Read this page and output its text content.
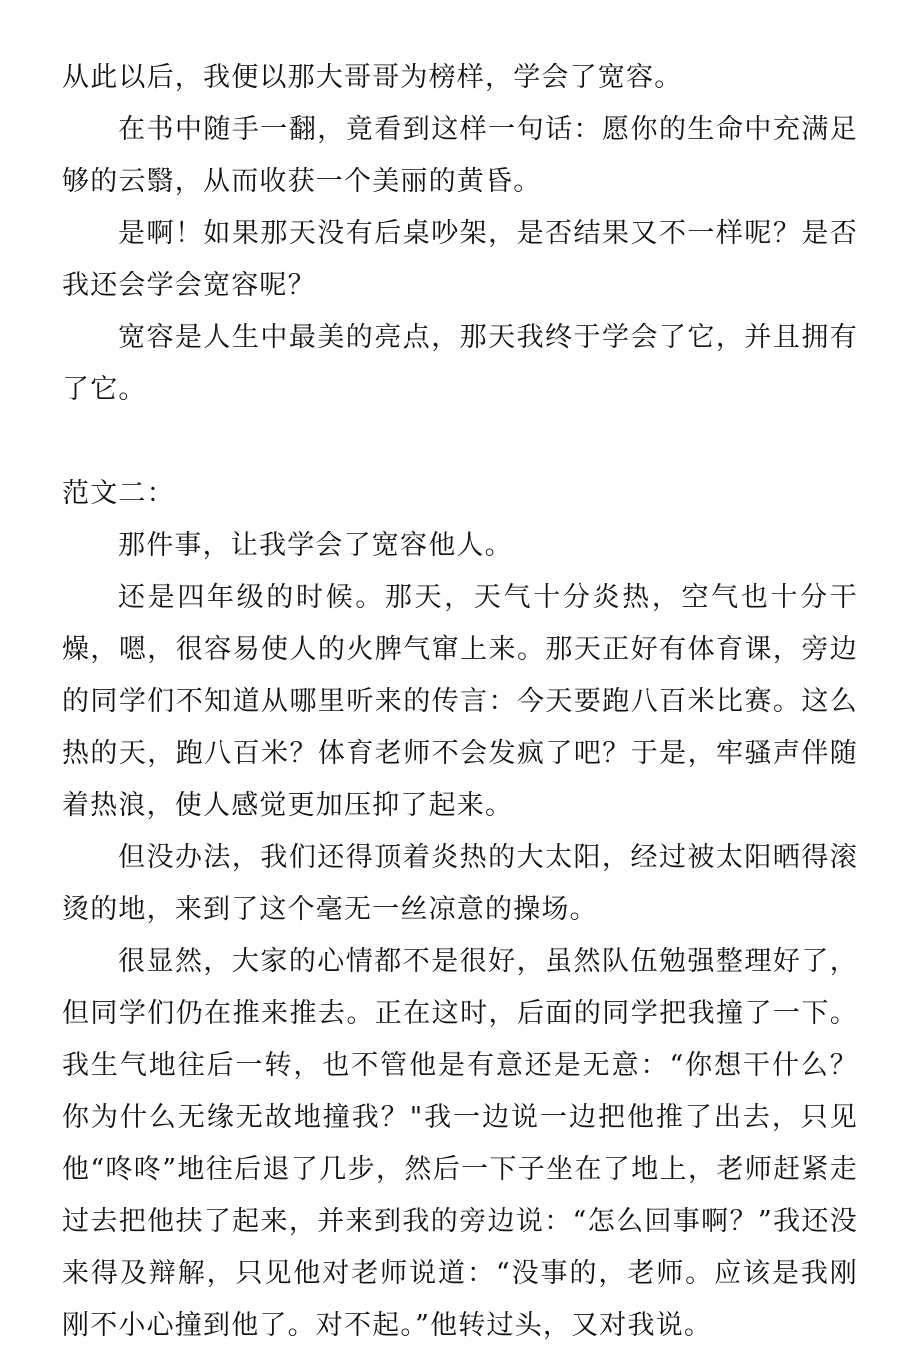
从此以后，我便以那大哥哥为榜样，学会了宽容。

在书中随手一翻，竟看到这样一句话：愿你的生命中充满足够的云翳，从而收获一个美丽的黄昏。

是啊！如果那天没有后桌吵架，是否结果又不一样呢？是否我还会学会宽容呢？

宽容是人生中最美的亮点，那天我终于学会了它，并且拥有了它。

范文二：

那件事，让我学会了宽容他人。

还是四年级的时候。那天，天气十分炎热，空气也十分干燥，嗯，很容易使人的火脾气窜上来。那天正好有体育课，旁边的同学们不知道从哪里听来的传言：今天要跑八百米比赛。这么热的天，跑八百米？体育老师不会发疯了吧？于是，牢骚声伴随着热浪，使人感觉更加压抑了起来。

但没办法，我们还得顶着炎热的大太阳，经过被太阳晒得滚烫的地，来到了这个毫无一丝凉意的操场。

很显然，大家的心情都不是很好，虽然队伍勉强整理好了，但同学们仍在推来推去。正在这时，后面的同学把我撞了一下。我生气地往后一转，也不管他是有意还是无意：“你想干什么？你为什么无缘无故地撞我？"我一边说一边把他推了出去，只见他“咚咚”地往后退了几步，然后一下子坐在了地上，老师赶紧走过去把他扶了起来，并来到我的旁边说：“怎么回事啊？”我还没来得及辩解，只见他对老师说道：“没事的，老师。应该是我刚刚不小心撞到他了。对不起。”他转过头，又对我说。
